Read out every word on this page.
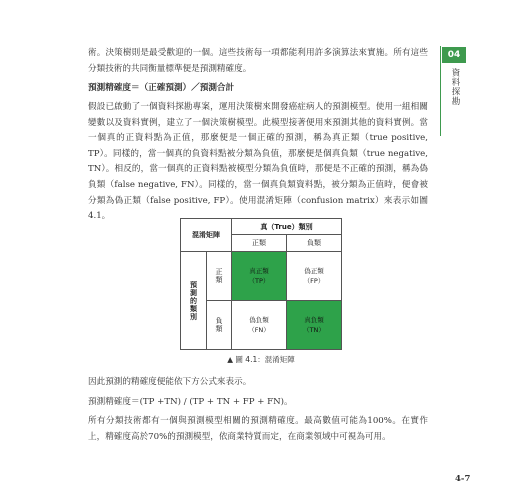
術。決策樹則是最受歡迎的一個。這些技術每一項都能利用許多演算法來實施。所有這些分類技術的共同衡量標準便是預測精確度。

預測精確度＝（正確預測）／預測合計

假設已啟動了一個資料探勘專案，運用決策樹來開發癌症病人的預測模型。使用一組相關變數以及資料實例，建立了一個決策樹模型。此模型接著便用來預測其他的資料實例。當一個真的正資料點為正值，那麼便是一個正確的預測，稱為真正類（true positive, TP）。同樣的，當一個真的負資料點被分類為負值，那麼便是個真負類（true negative, TN）。相反的，當一個真的正資料點被模型分類為負值時，那便是不正確的預測，稱為偽負類（false negative, FN）。同樣的，當一個真負類資料點，被分類為正值時，便會被分類為偽正類（false positive, FP）。使用混淆矩陣（confusion matrix）來表示如圖 4.1。

04
資料探勘
混淆矩陣
真（True）類別
正類	負類
預測的類別
正類
負類
真正類
（TP）
偽正類
（FP）
偽負類
（FN）
真負類
（TN）
▲ 圖 4.1：混淆矩陣

因此預測的精確度便能依下方公式來表示。

預測精確度＝(TP +TN) / (TP + TN + FP + FN)。

所有分類技術都有一個與預測模型相關的預測精確度。最高數值可能為100%。在實作上，精確度高於70%的預測模型，依商業特質而定，在商業領域中可視為可用。

4-7
